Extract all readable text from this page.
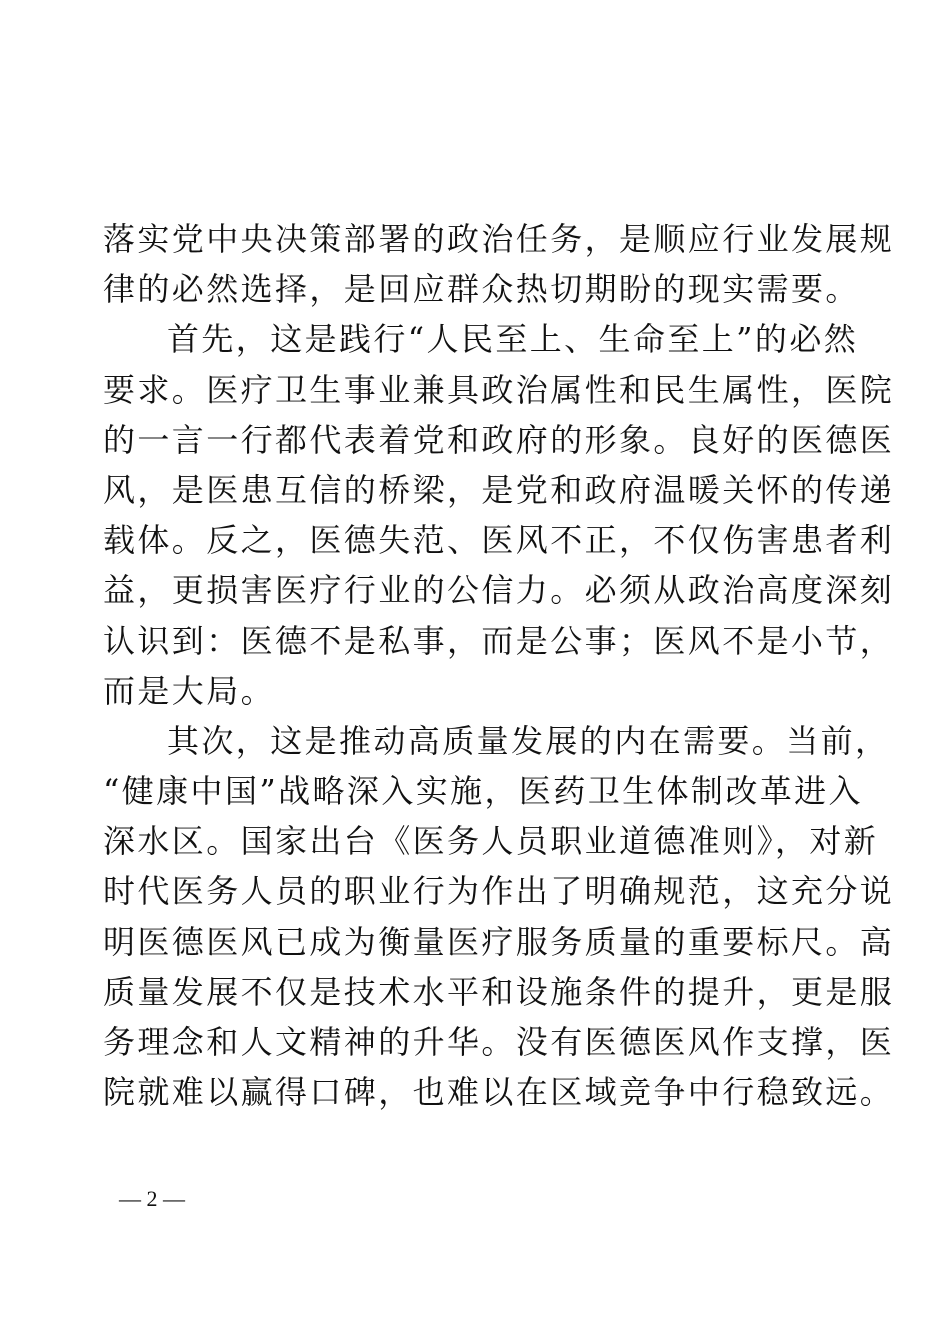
落实党中央决策部署的政治任务，是顺应行业发展规
律的必然选择，是回应群众热切期盼的现实需要。
首先，这是践行“人民至上、生命至上”的必然
要求。医疗卫生事业兼具政治属性和民生属性，医院
的一言一行都代表着党和政府的形象。良好的医德医
风，是医患互信的桥梁，是党和政府温暖关怀的传递
载体。反之，医德失范、医风不正，不仅伤害患者利
益，更损害医疗行业的公信力。必须从政治高度深刻
认识到：医德不是私事，而是公事；医风不是小节，
而是大局。
其次，这是推动高质量发展的内在需要。当前，
“健康中国”战略深入实施，医药卫生体制改革进入
深水区。国家出台《医务人员职业道德准则》，对新
时代医务人员的职业行为作出了明确规范，这充分说
明医德医风已成为衡量医疗服务质量的重要标尺。高
质量发展不仅是技术水平和设施条件的提升，更是服
务理念和人文精神的升华。没有医德医风作支撑，医
院就难以赢得口碑，也难以在区域竞争中行稳致远。
— 2 —
